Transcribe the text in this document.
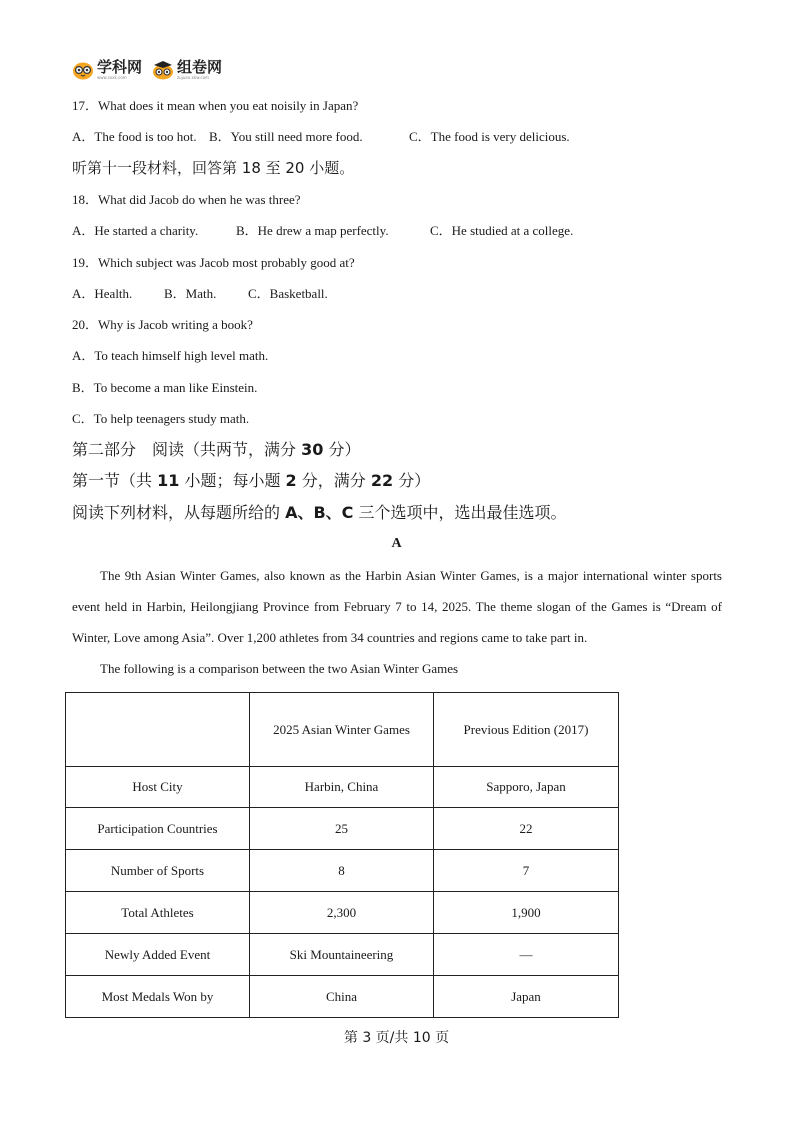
学科网
www.zxxk.com
组卷网
zujuan.xkw.com
17．What does it mean when you eat noisily in Japan?
A．The food is too hot. B．You still need more food.	C．The food is very delicious.
听第十一段材料，回答第 18 至 20 小题。
18．What did Jacob do when he was three?
A．He started a charity.	B．He drew a map perfectly.	C．He studied at a college.
19．Which subject was Jacob most probably good at?
A．Health. B．Math. C．Basketball.
20．Why is Jacob writing a book?
A．To teach himself high level math.
B．To become a man like Einstein.
C．To help teenagers study math.
第二部分　阅读（共两节，满分 30 分）
第一节（共 11 小题；每小题 2 分，满分 22 分）
阅读下列材料，从每题所给的 A、B、C 三个选项中，选出最佳选项。
A
The 9th Asian Winter Games, also known as the Harbin Asian Winter Games, is a major international winter sports event held in Harbin, Heilongjiang Province from February 7 to 14, 2025. The theme slogan of the Games is “Dream of Winter, Love among Asia”. Over 1,200 athletes from 34 countries and regions came to take part in.
The following is a comparison between the two Asian Winter Games
	2025 Asian Winter Games	Previous Edition (2017)
Host City	Harbin, China	Sapporo, Japan
Participation Countries	25	22
Number of Sports	8	7
Total Athletes	2,300	1,900
Newly Added Event	Ski Mountaineering	—
Most Medals Won by	China	Japan
第 3 页/共 10 页
